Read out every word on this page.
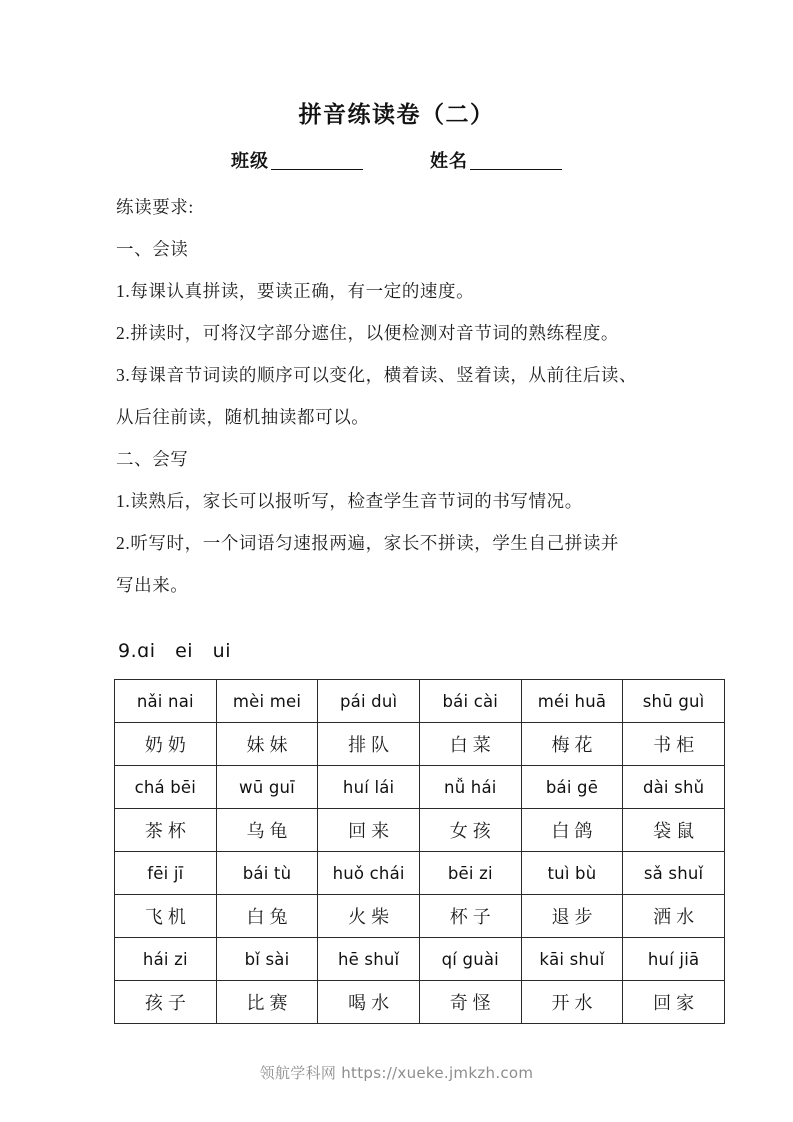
拼音练读卷（二）
班级	姓名

练读要求:

一、会读

1.每课认真拼读，要读正确，有一定的速度。

2.拼读时，可将汉字部分遮住，以便检测对音节词的熟练程度。

3.每课音节词读的顺序可以变化，横着读、竖着读，从前往后读、

从后往前读，随机抽读都可以。

二、会写

1.读熟后，家长可以报听写，检查学生音节词的书写情况。

2.听写时，一个词语匀速报两遍，家长不拼读，学生自己拼读并

写出来。

9.ɑi   ei   ui
nǎi nai	mèi mei	pái duì	bái cài	méi huā	shū guì
奶奶	妹妹	排队	白菜	梅花	书柜
chá bēi	wū guī	huí lái	nǚ hái	bái gē	dài shǔ
茶杯	乌龟	回来	女孩	白鸽	袋鼠
fēi jī	bái tù	huǒ chái	bēi zi	tuì bù	sǎ shuǐ
飞机	白兔	火柴	杯子	退步	洒水
hái zi	bǐ sài	hē shuǐ	qí guài	kāi shuǐ	huí jiā
孩子	比赛	喝水	奇怪	开水	回家
领航学科网 https://xueke.jmkzh.com
